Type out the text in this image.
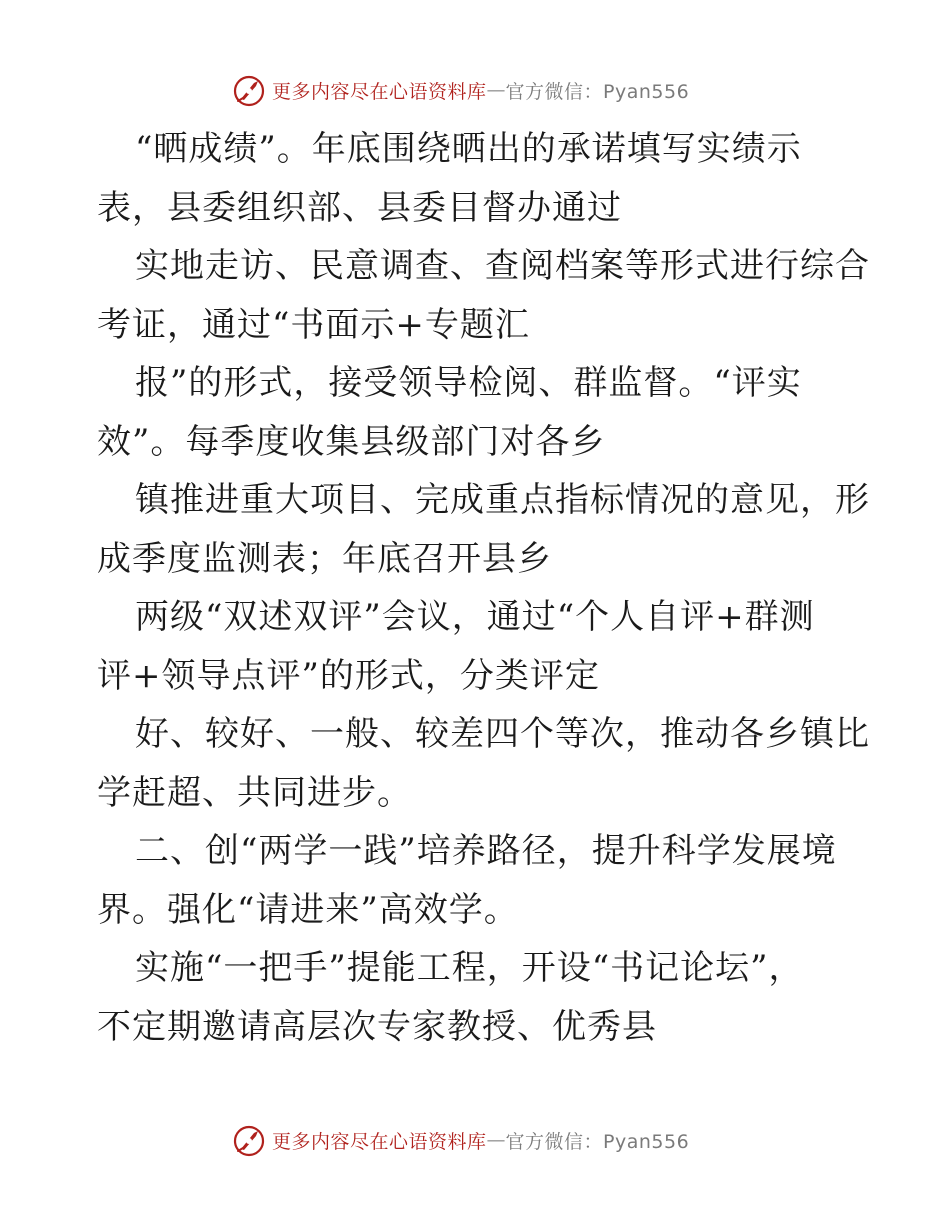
更多内容尽在心语资料库 — 官方微信：Pyan556
“晒成绩”。年底围绕晒出的承诺填写实绩示
表，县委组织部、县委目督办通过
实地走访、民意调查、查阅档案等形式进行综合
考证，通过“书面示+专题汇
报”的形式，接受领导检阅、群监督。“评实
效”。每季度收集县级部门对各乡
镇推进重大项目、完成重点指标情况的意见，形
成季度监测表；年底召开县乡
两级“双述双评”会议，通过“个人自评+群测
评+领导点评”的形式，分类评定
好、较好、一般、较差四个等次，推动各乡镇比
学赶超、共同进步。
二、创“两学一践”培养路径，提升科学发展境
界。强化“请进来”高效学。
实施“一把手”提能工程，开设“书记论坛”，
不定期邀请高层次专家教授、优秀县
更多内容尽在心语资料库 — 官方微信：Pyan556
